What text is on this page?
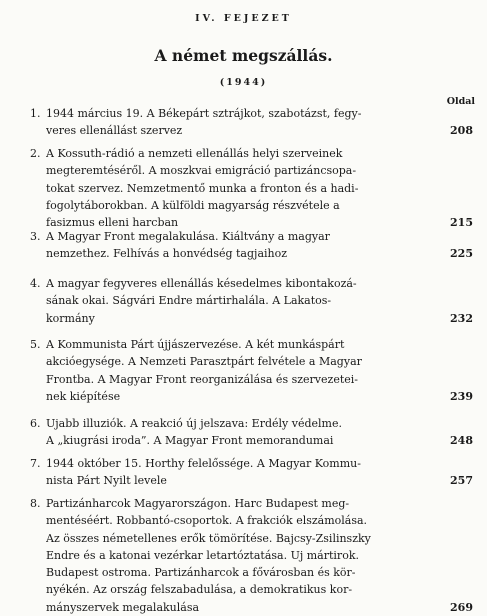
IV. FEJEZET
A német megszállás.
(1944)
Oldal
1. 1944 március 19. A Békepárt sztrájkot, szabotázst, fegy-
veres ellenállást szervez	208
2. A Kossuth-rádió a nemzeti ellenállás helyi szerveinek
megteremtéséről. A moszkvai emigráció partizáncsopa-
tokat szervez. Nemzetmentő munka a fronton és a hadi-
fogolytáborokban. A külföldi magyarság részvétele a
fasizmus elleni harcban	215
3. A Magyar Front megalakulása. Kiáltvány a magyar
nemzethez. Felhívás a honvédség tagjaihoz	225
4. A magyar fegyveres ellenállás késedelmes kibontakozá-
sának okai. Ságvári Endre mártirhalála. A Lakatos-
kormány	232
5. A Kommunista Párt újjászervezése. A két munkáspárt
akcióegysége. A Nemzeti Parasztpárt felvétele a Magyar
Frontba. A Magyar Front reorganizálása és szervezetei-
nek kiépítése	239
6. Ujabb illuziók. A reakció új jelszava: Erdély védelme.
A „kiugrási iroda”. A Magyar Front memorandumai	248
7. 1944 október 15. Horthy felelőssége. A Magyar Kommu-
nista Párt Nyilt levele	257
8. Partizánharcok Magyarországon. Harc Budapest meg-
mentéséért. Robbantó-csoportok. A frakciók elszámolása.
Az összes németellenes erők tömörítése. Bajcsy-Zsilinszky
Endre és a katonai vezérkar letartóztatása. Uj mártirok.
Budapest ostroma. Partizánharcok a fővárosban és kör-
nyékén. Az ország felszabadulása, a demokratikus kor-
mányszervek megalakulása	269
